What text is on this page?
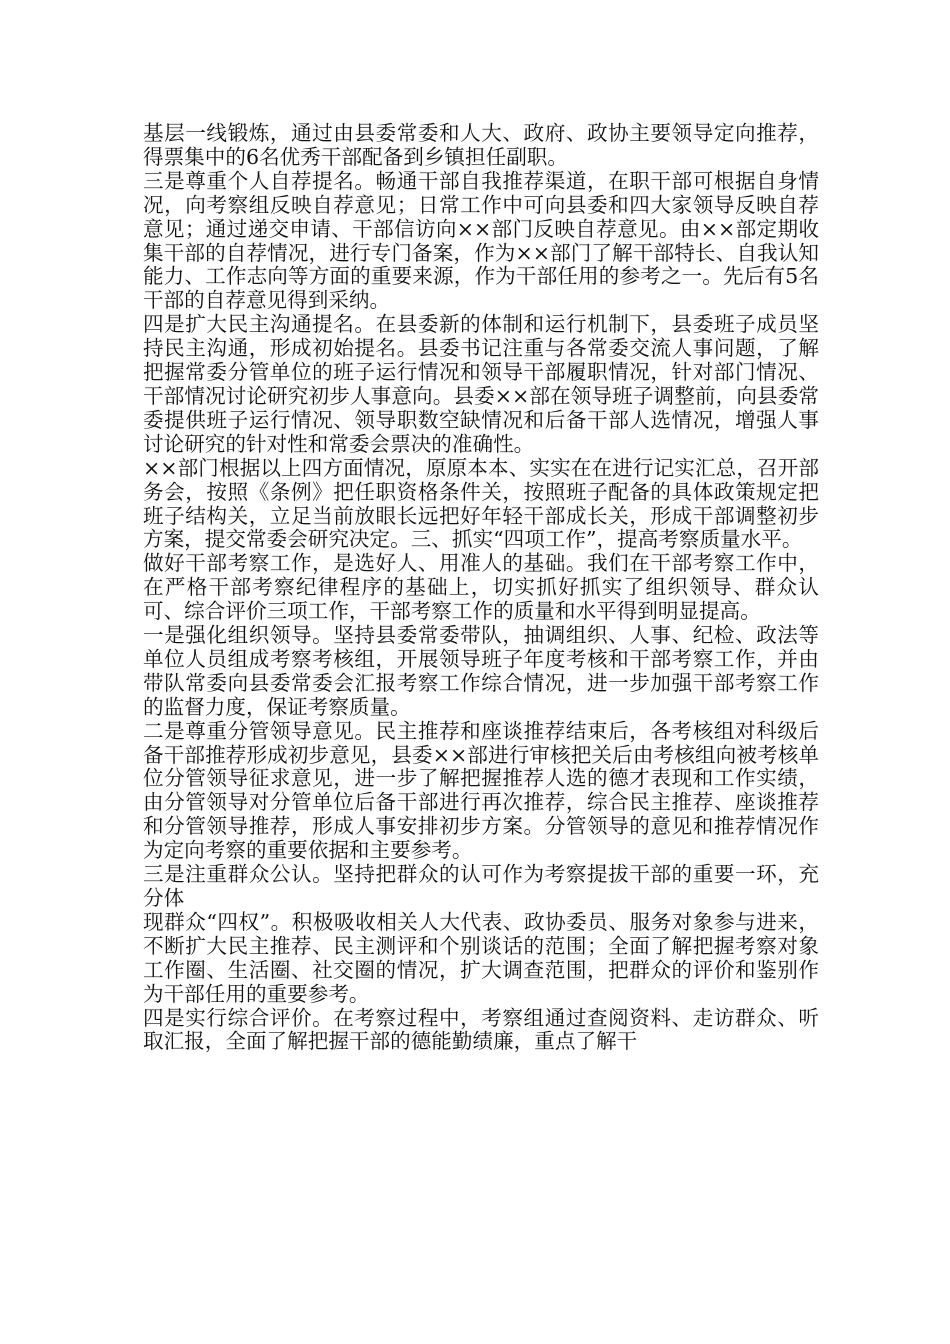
基层一线锻炼，通过由县委常委和人大、政府、政协主要领导定向推荐，得票集中的6名优秀干部配备到乡镇担任副职。

三是尊重个人自荐提名。畅通干部自我推荐渠道，在职干部可根据自身情况，向考察组反映自荐意见；日常工作中可向县委和四大家领导反映自荐意见；通过递交申请、干部信访向××部门反映自荐意见。由××部定期收集干部的自荐情况，进行专门备案，作为××部门了解干部特长、自我认知能力、工作志向等方面的重要来源，作为干部任用的参考之一。先后有5名干部的自荐意见得到采纳。

四是扩大民主沟通提名。在县委新的体制和运行机制下，县委班子成员坚持民主沟通，形成初始提名。县委书记注重与各常委交流人事问题，了解把握常委分管单位的班子运行情况和领导干部履职情况，针对部门情况、干部情况讨论研究初步人事意向。县委××部在领导班子调整前，向县委常委提供班子运行情况、领导职数空缺情况和后备干部人选情况，增强人事讨论研究的针对性和常委会票决的准确性。

××部门根据以上四方面情况，原原本本、实实在在进行记实汇总，召开部务会，按照《条例》把任职资格条件关，按照班子配备的具体政策规定把班子结构关，立足当前放眼长远把好年轻干部成长关，形成干部调整初步方案，提交常委会研究决定。三、抓实“四项工作”，提高考察质量水平。

做好干部考察工作，是选好人、用准人的基础。我们在干部考察工作中，在严格干部考察纪律程序的基础上，切实抓好抓实了组织领导、群众认可、综合评价三项工作，干部考察工作的质量和水平得到明显提高。

一是强化组织领导。坚持县委常委带队，抽调组织、人事、纪检、政法等单位人员组成考察考核组，开展领导班子年度考核和干部考察工作，并由带队常委向县委常委会汇报考察工作综合情况，进一步加强干部考察工作的监督力度，保证考察质量。

二是尊重分管领导意见。民主推荐和座谈推荐结束后，各考核组对科级后备干部推荐形成初步意见，县委××部进行审核把关后由考核组向被考核单位分管领导征求意见，进一步了解把握推荐人选的德才表现和工作实绩，由分管领导对分管单位后备干部进行再次推荐，综合民主推荐、座谈推荐和分管领导推荐，形成人事安排初步方案。分管领导的意见和推荐情况作为定向考察的重要依据和主要参考。

三是注重群众公认。坚持把群众的认可作为考察提拔干部的重要一环，充分体

现群众“四权”。积极吸收相关人大代表、政协委员、服务对象参与进来，不断扩大民主推荐、民主测评和个别谈话的范围；全面了解把握考察对象工作圈、生活圈、社交圈的情况，扩大调查范围，把群众的评价和鉴别作为干部任用的重要参考。

四是实行综合评价。在考察过程中，考察组通过查阅资料、走访群众、听取汇报，全面了解把握干部的德能勤绩廉，重点了解干
